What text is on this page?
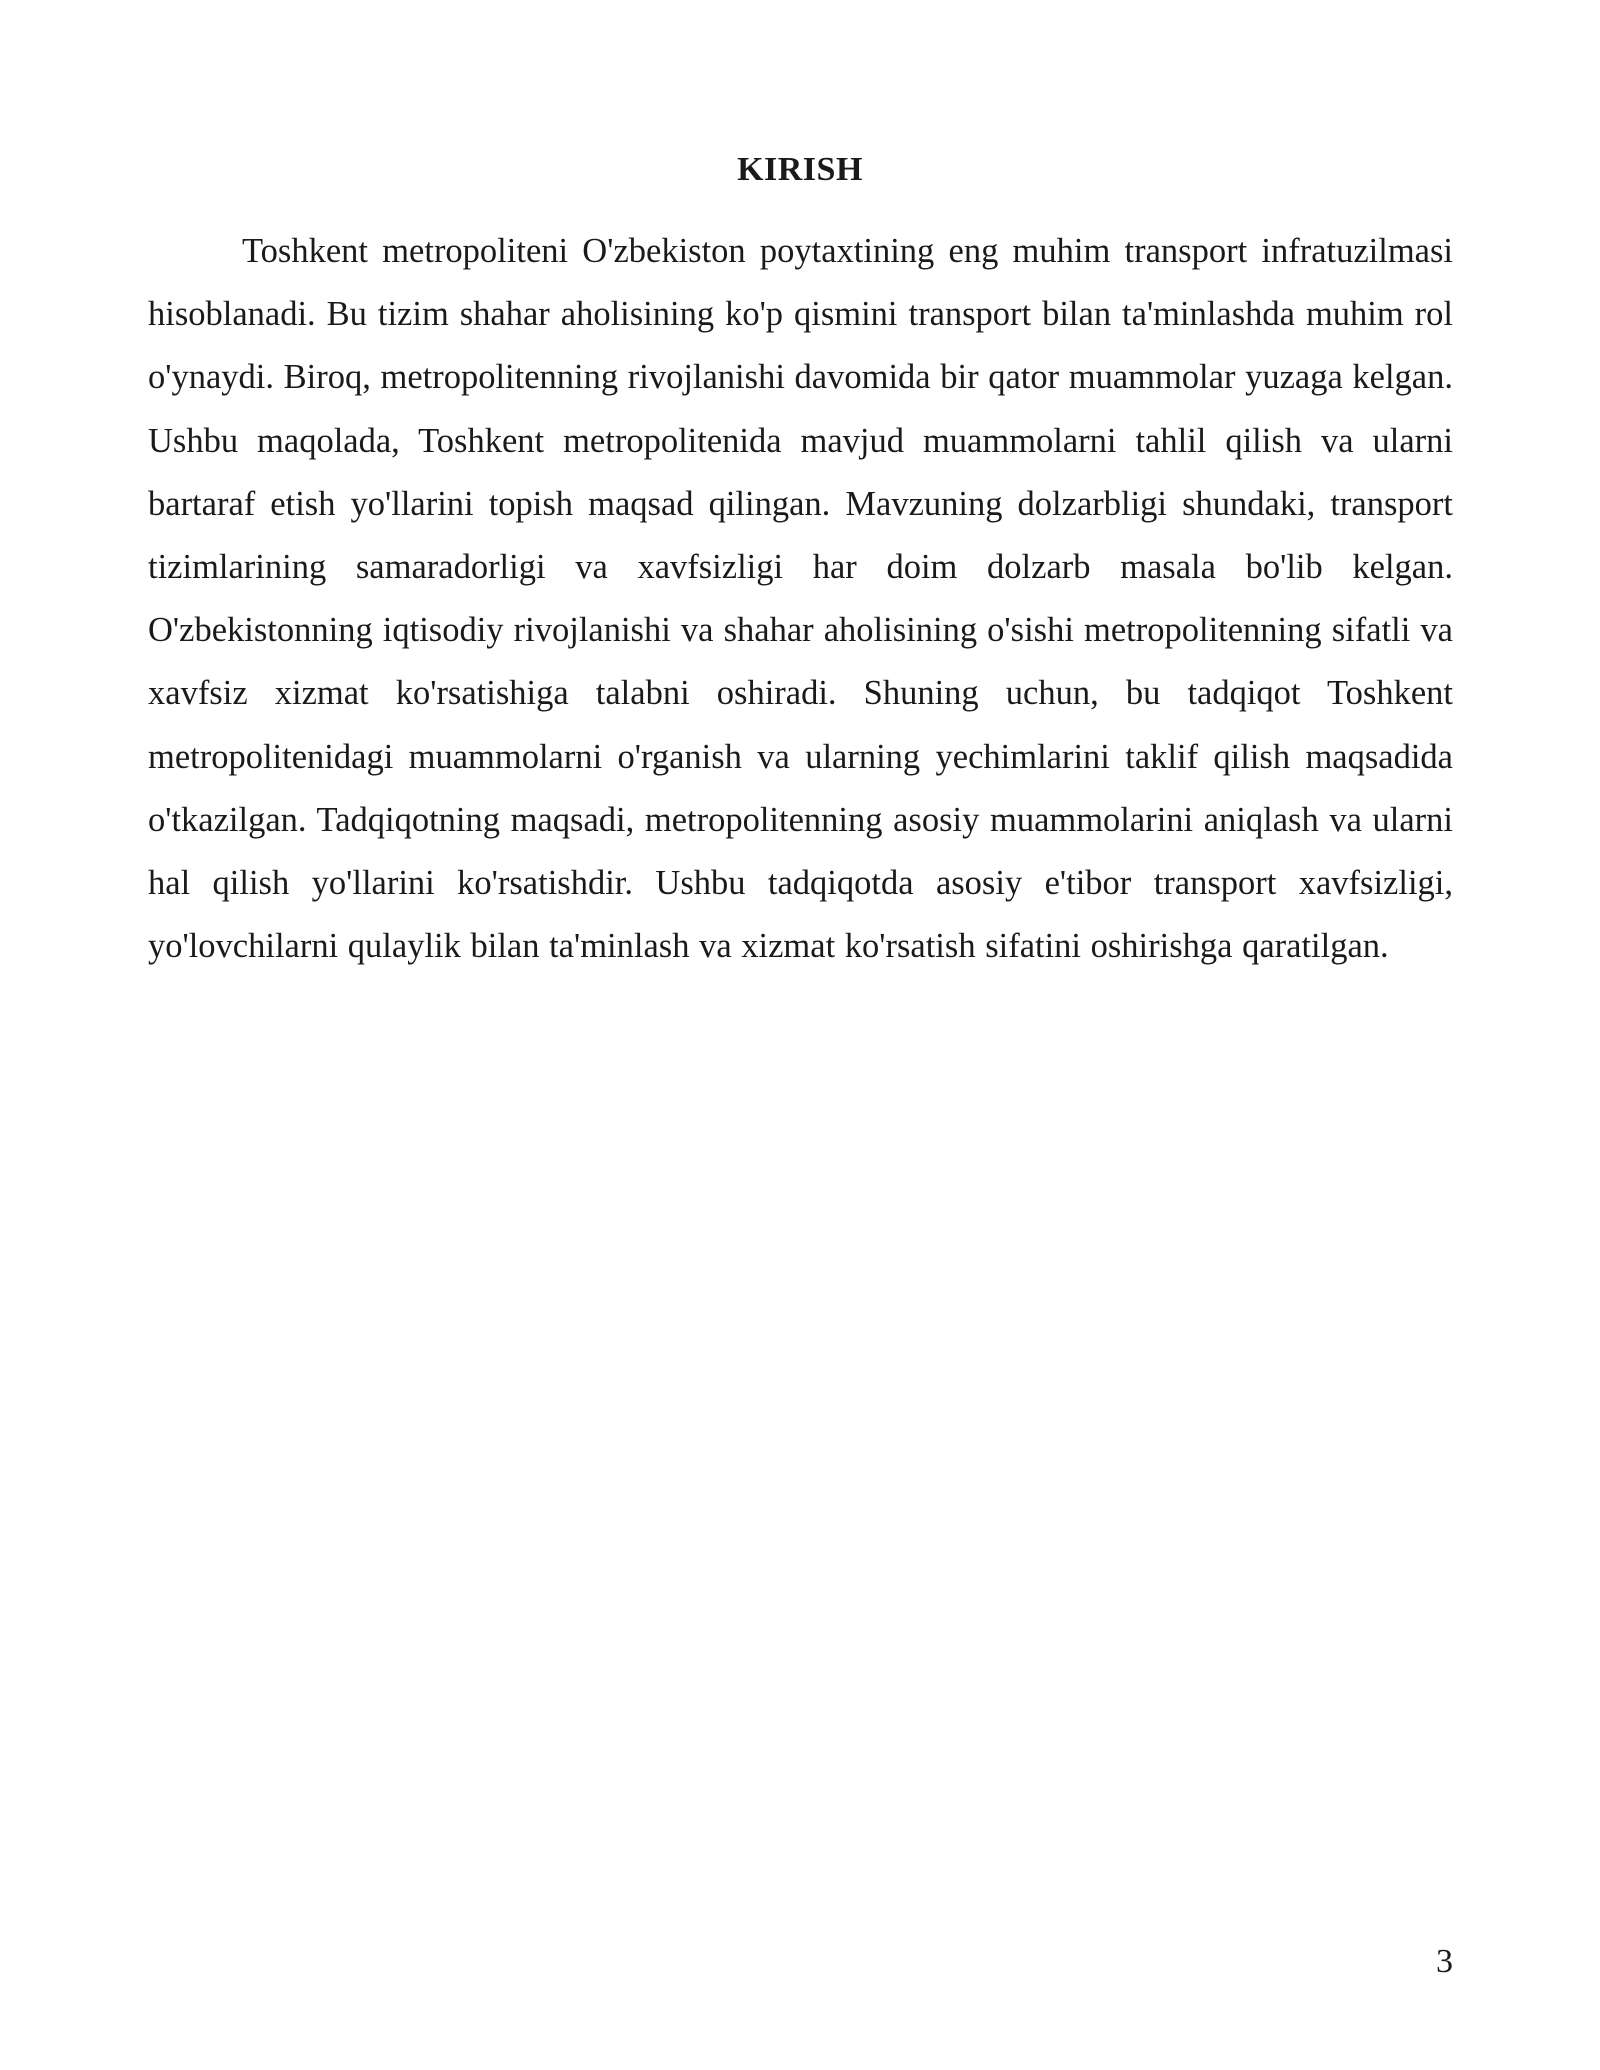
KIRISH

Toshkent metropoliteni O'zbekiston poytaxtining eng muhim transport infratuzilmasi hisoblanadi. Bu tizim shahar aholisining ko'p qismini transport bilan ta'minlashda muhim rol o'ynaydi. Biroq, metropolitenning rivojlanishi davomida bir qator muammolar yuzaga kelgan. Ushbu maqolada, Toshkent metropolitenida mavjud muammolarni tahlil qilish va ularni bartaraf etish yo'llarini topish maqsad qilingan. Mavzuning dolzarbligi shundaki, transport tizimlarining samaradorligi va xavfsizligi har doim dolzarb masala bo'lib kelgan. O'zbekistonning iqtisodiy rivojlanishi va shahar aholisining o'sishi metropolitenning sifatli va xavfsiz xizmat ko'rsatishiga talabni oshiradi. Shuning uchun, bu tadqiqot Toshkent metropolitenidagi muammolarni o'rganish va ularning yechimlarini taklif qilish maqsadida o'tkazilgan. Tadqiqotning maqsadi, metropolitenning asosiy muammolarini aniqlash va ularni hal qilish yo'llarini ko'rsatishdir. Ushbu tadqiqotda asosiy e'tibor transport xavfsizligi, yo'lovchilarni qulaylik bilan ta'minlash va xizmat ko'rsatish sifatini oshirishga qaratilgan.

3
